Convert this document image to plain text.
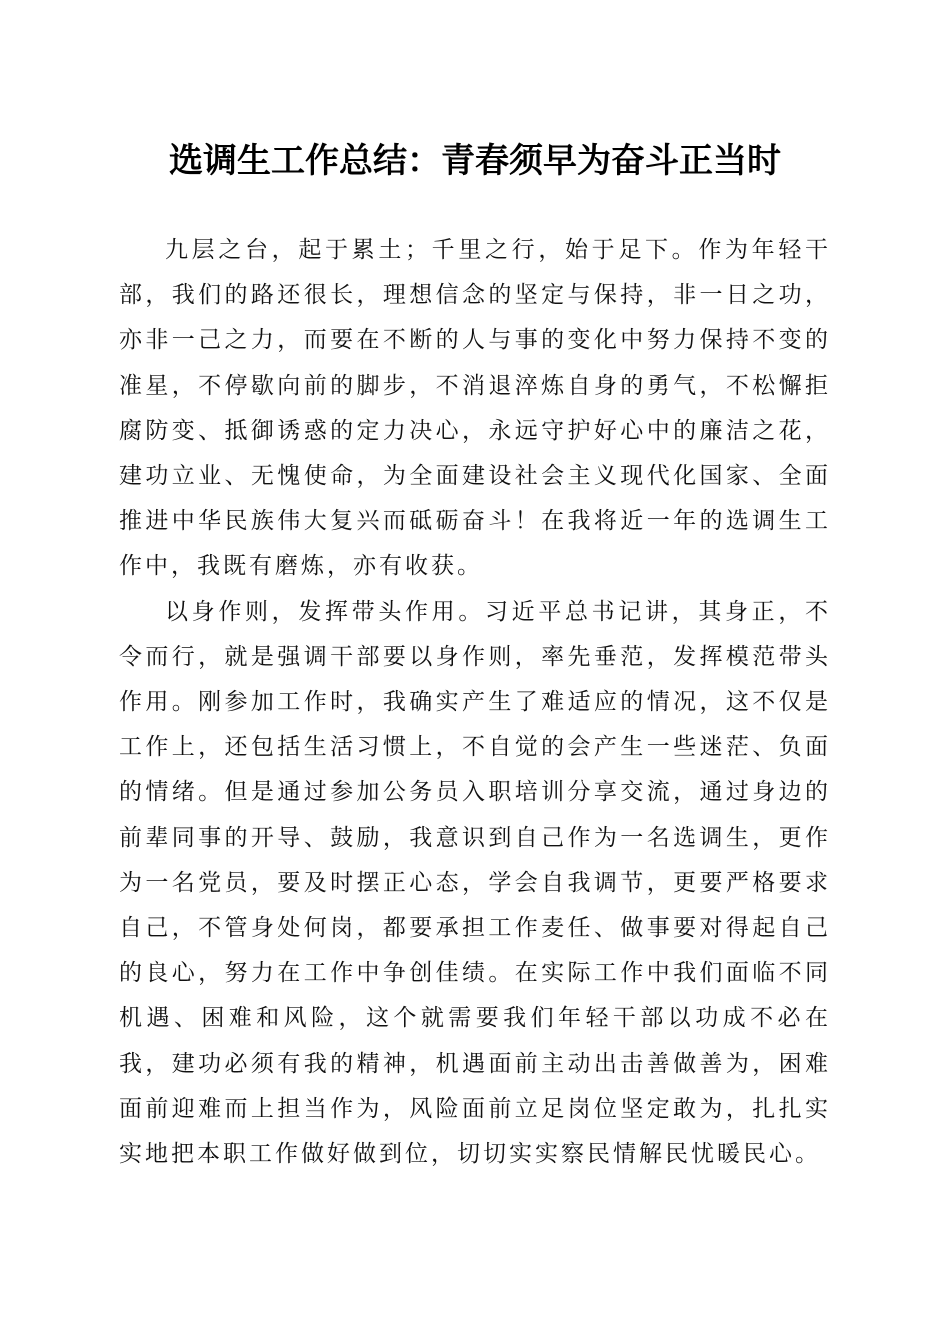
选调生工作总结：青春须早为奋斗正当时

九层之台，起于累土；千里之行，始于足下。作为年轻干部，我们的路还很长，理想信念的坚定与保持，非一日之功，亦非一己之力，而要在不断的人与事的变化中努力保持不变的准星，不停歇向前的脚步，不消退淬炼自身的勇气，不松懈拒腐防变、抵御诱惑的定力决心，永远守护好心中的廉洁之花，建功立业、无愧使命，为全面建设社会主义现代化国家、全面推进中华民族伟大复兴而砥砺奋斗！在我将近一年的选调生工作中，我既有磨炼，亦有收获。

以身作则，发挥带头作用。习近平总书记讲，其身正，不令而行，就是强调干部要以身作则，率先垂范，发挥模范带头作用。刚参加工作时，我确实产生了难适应的情况，这不仅是工作上，还包括生活习惯上，不自觉的会产生一些迷茫、负面的情绪。但是通过参加公务员入职培训分享交流，通过身边的前辈同事的开导、鼓励，我意识到自己作为一名选调生，更作为一名党员，要及时摆正心态，学会自我调节，更要严格要求自己，不管身处何岗，都要承担工作麦任、做事要对得起自己的良心，努力在工作中争创佳绩。在实际工作中我们面临不同机遇、困难和风险，这个就需要我们年轻干部以功成不必在我，建功必须有我的精神，机遇面前主动出击善做善为，困难面前迎难而上担当作为，风险面前立足岗位坚定敢为，扎扎实实地把本职工作做好做到位，切切实实察民情解民忧暖民心。
